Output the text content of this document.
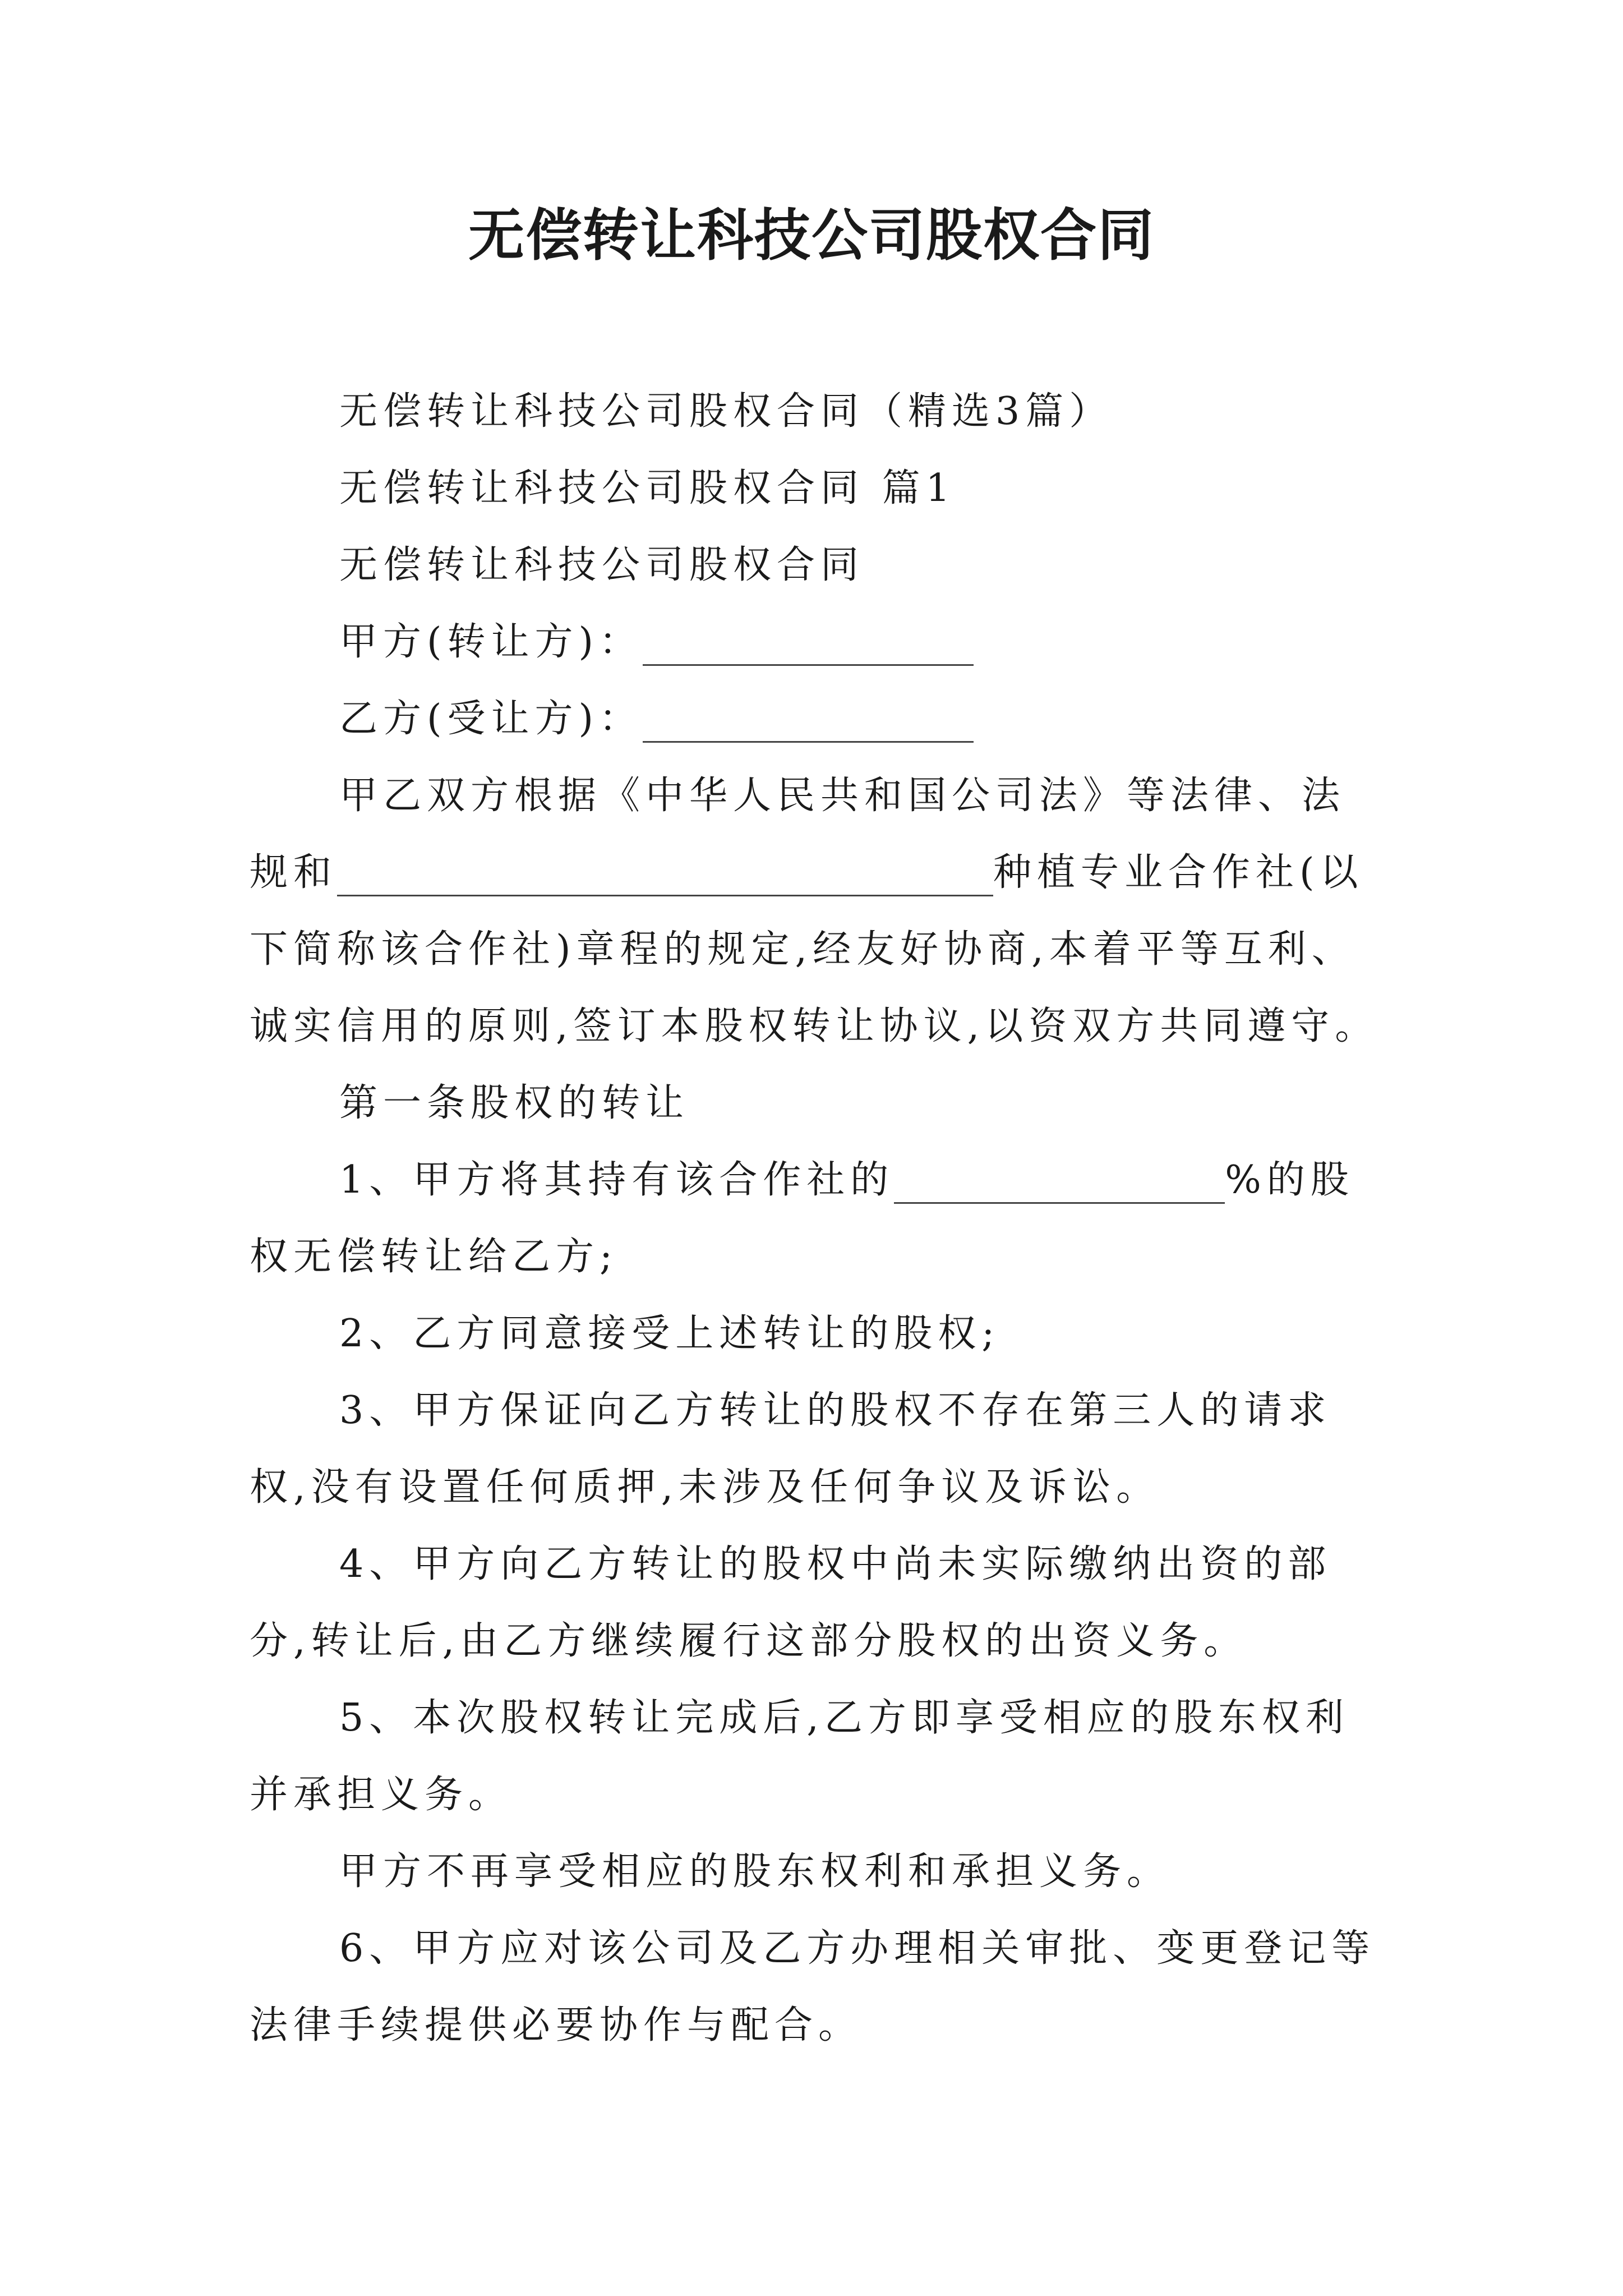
无偿转让科技公司股权合同

无偿转让科技公司股权合同（精选3篇）

无偿转让科技公司股权合同 篇1

无偿转让科技公司股权合同

甲方(转让方)：

乙方(受让方)：

甲乙双方根据《中华人民共和国公司法》等法律、法规和	种植专业合作社(以下简称该合作社)章程的规定,经友好协商,本着平等互利、诚实信用的原则,签订本股权转让协议,以资双方共同遵守。

第一条股权的转让

1、甲方将其持有该合作社的	%的股权无偿转让给乙方;

2、乙方同意接受上述转让的股权;

3、甲方保证向乙方转让的股权不存在第三人的请求权,没有设置任何质押,未涉及任何争议及诉讼。

4、甲方向乙方转让的股权中尚未实际缴纳出资的部分,转让后,由乙方继续履行这部分股权的出资义务。

5、本次股权转让完成后,乙方即享受相应的股东权利并承担义务。

甲方不再享受相应的股东权利和承担义务。

6、甲方应对该公司及乙方办理相关审批、变更登记等法律手续提供必要协作与配合。
